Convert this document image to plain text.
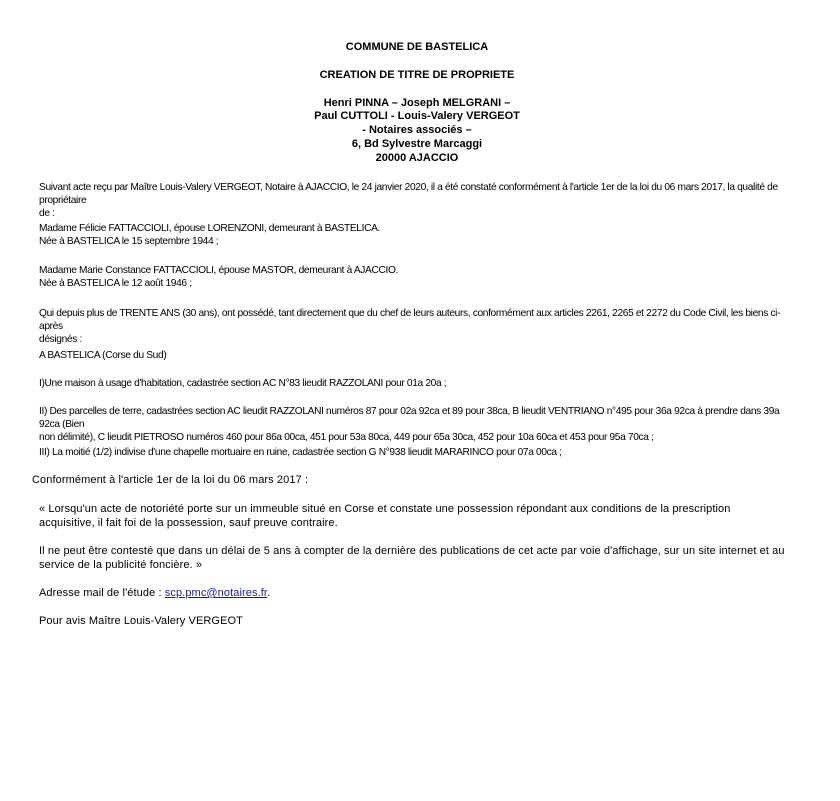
COMMUNE DE BASTELICA
CREATION DE TITRE DE PROPRIETE
Henri PINNA – Joseph MELGRANI –
Paul CUTTOLI - Louis-Valery VERGEOT
- Notaires associés –
6, Bd Sylvestre Marcaggi
20000 AJACCIO
Suivant acte reçu par Maître Louis-Valery VERGEOT, Notaire à AJACCIO, le 24 janvier 2020, il a été constaté conformément à l'article 1er de la loi du 06 mars 2017, la qualité de propriétaire
de :
Madame Félicie FATTACCIOLI, épouse LORENZONI, demeurant à BASTELICA.
Née à BASTELICA le 15 septembre 1944 ;
Madame Marie Constance FATTACCIOLI, épouse MASTOR, demeurant à AJACCIO.
Née à BASTELICA le 12 août 1946 ;
Qui depuis plus de TRENTE ANS (30 ans), ont possédé, tant directement que du chef de leurs auteurs, conformément aux articles 2261, 2265 et 2272 du Code Civil, les biens ci-après
désignés :
A BASTELICA (Corse du Sud)
I)Une maison à usage d'habitation, cadastrée section AC N°83 lieudit RAZZOLANI pour 01a 20a ;
II) Des parcelles de terre, cadastrées section AC lieudit RAZZOLANI numéros 87 pour 02a 92ca et 89 pour 38ca, B lieudit VENTRIANO n°495 pour 36a 92ca à prendre dans 39a 92ca (Bien
non délimité), C lieudit PIETROSO numéros 460 pour 86a 00ca, 451 pour 53a 80ca, 449 pour 65a 30ca, 452 pour 10a 60ca et 453 pour 95a 70ca ;
III) La moitié (1/2) indivise d'une chapelle mortuaire en ruine, cadastrée section G N°938 lieudit MARARINCO pour 07a 00ca ;
Conformément à l'article 1er de la loi du 06 mars 2017 :
« Lorsqu'un acte de notoriété porte sur un immeuble situé en Corse et constate une possession répondant aux conditions de la prescription
acquisitive, il fait foi de la possession, sauf preuve contraire.
Il ne peut être contesté que dans un délai de 5 ans à compter de la dernière des publications de cet acte par voie d'affichage, sur un site internet et au
service de la publicité foncière. »
Adresse mail de l'étude : scp.pmc@notaires.fr.
Pour avis Maître Louis-Valery VERGEOT
